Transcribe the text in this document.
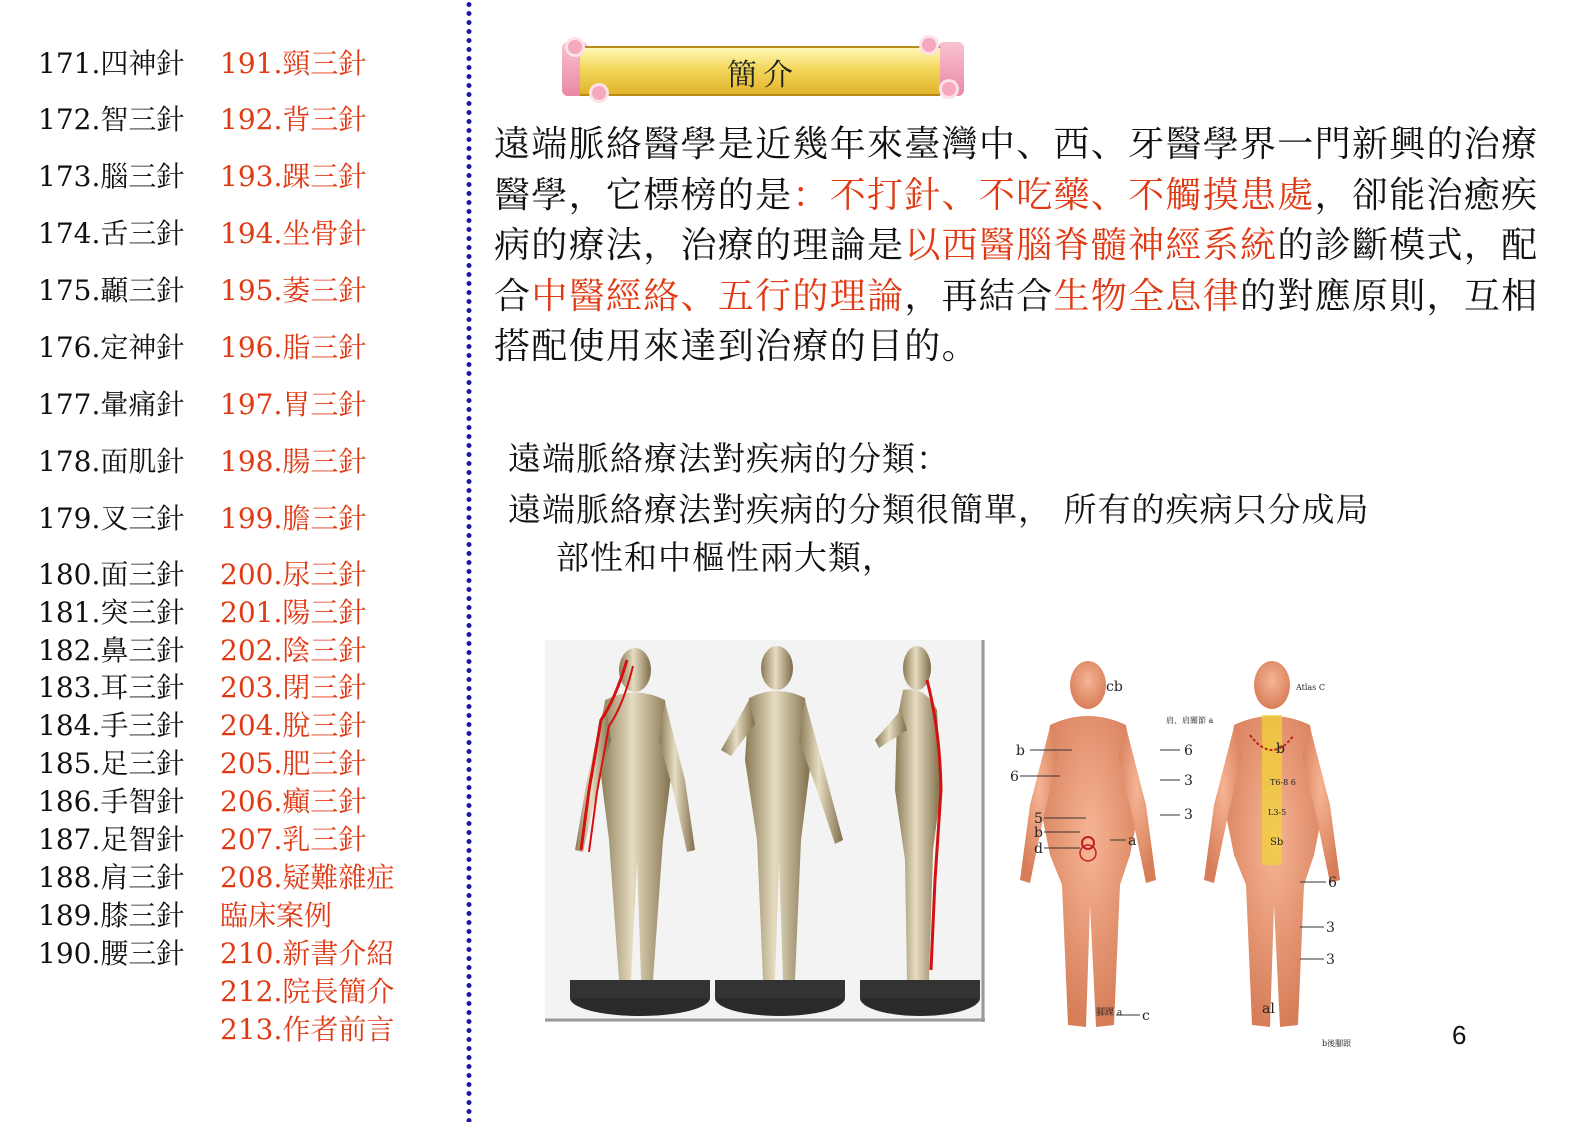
171.四神針 191.頸三針
172.智三針 192.背三針
173.腦三針 193.踝三針
174.舌三針 194.坐骨針
175.顳三針 195.萎三針
176.定神針 196.脂三針
177.暈痛針 197.胃三針
178.面肌針 198.腸三針
179.叉三針 199.膽三針
180.面三針 200.尿三針
181.突三針 201.陽三針
182.鼻三針 202.陰三針
183.耳三針 203.閉三針
184.手三針 204.脫三針
185.足三針 205.肥三針
186.手智針 206.癲三針
187.足智針 207.乳三針
188.肩三針 208.疑難雜症
189.膝三針 臨床案例
190.腰三針 210.新書介紹
212.院長簡介
213.作者前言
簡介
遠端脈絡醫學是近幾年來臺灣中、西、牙醫學界一門新興的治療醫學，它標榜的是：不打針、不吃藥、不觸摸患處，卻能治癒疾病的療法，治療的理論是以西醫腦脊髓神經系統的診斷模式，配合中醫經絡、五行的理論，再結合生物全息律的對應原則，互相搭配使用來達到治療的目的。
遠端脈絡療法對疾病的分類：
遠端脈絡療法對疾病的分類很簡單， 所有的疾病只分成局
部性和中樞性兩大類，
cb
b
6
5
b
d	a
c
腳踝 a
6
3
3
Atlas C
肩、肩關節 a
b
T6-8 6
L3-5
Sb
6
3
3
al
b後腳跟	6
